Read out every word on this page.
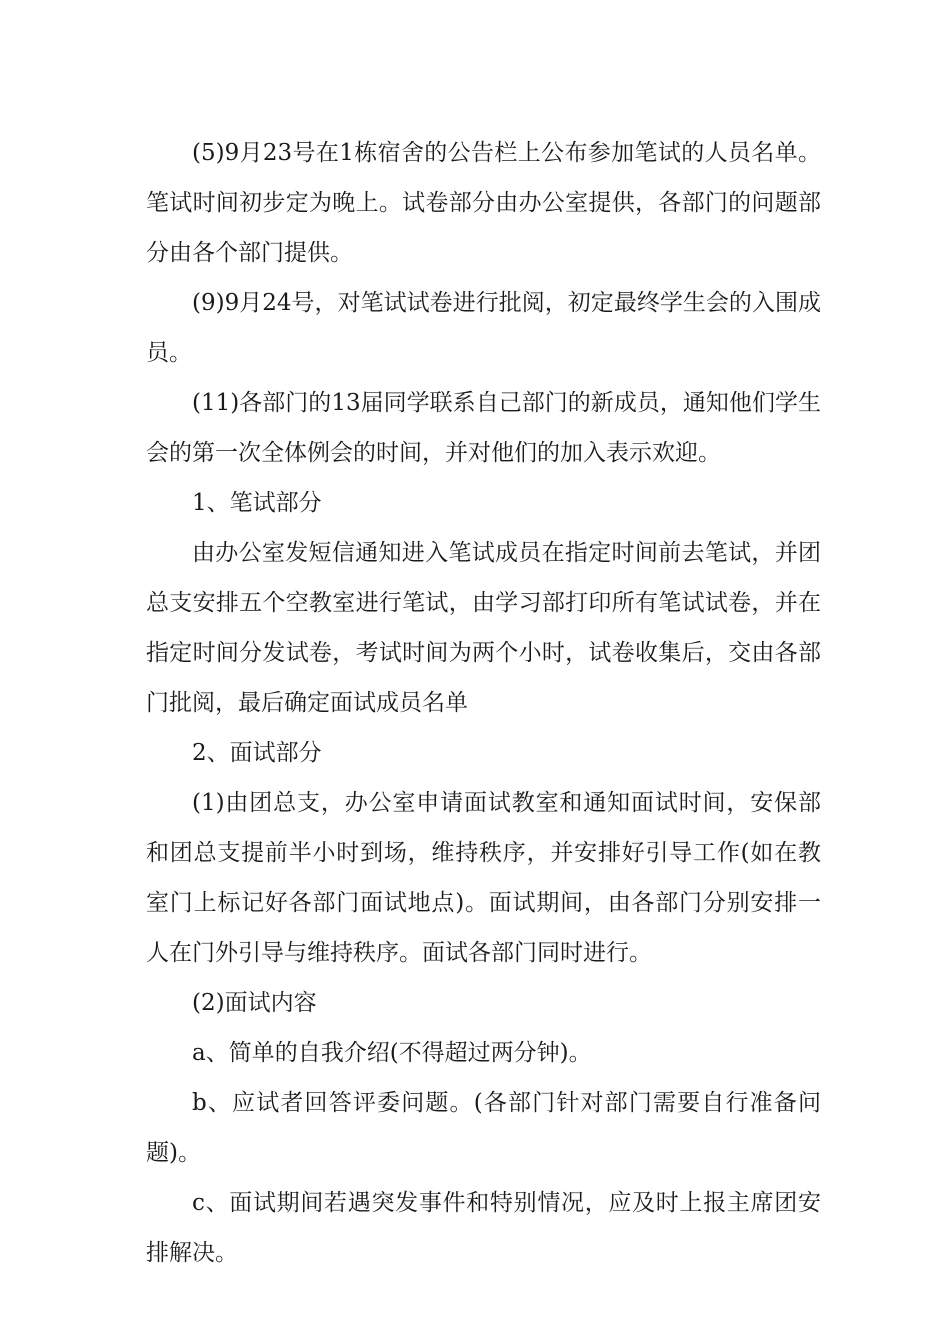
(5)9月23号在1栋宿舍的公告栏上公布参加笔试的人员名单。笔试时间初步定为晚上。试卷部分由办公室提供，各部门的问题部分由各个部门提供。

(9)9月24号，对笔试试卷进行批阅，初定最终学生会的入围成员。

(11)各部门的13届同学联系自己部门的新成员，通知他们学生会的第一次全体例会的时间，并对他们的加入表示欢迎。

1、笔试部分

由办公室发短信通知进入笔试成员在指定时间前去笔试，并团总支安排五个空教室进行笔试，由学习部打印所有笔试试卷，并在指定时间分发试卷，考试时间为两个小时，试卷收集后，交由各部门批阅，最后确定面试成员名单

2、面试部分

(1)由团总支，办公室申请面试教室和通知面试时间，安保部和团总支提前半小时到场，维持秩序，并安排好引导工作(如在教室门上标记好各部门面试地点)。面试期间，由各部门分别安排一人在门外引导与维持秩序。面试各部门同时进行。

(2)面试内容

a、简单的自我介绍(不得超过两分钟)。

b、应试者回答评委问题。(各部门针对部门需要自行准备问题)。

c、面试期间若遇突发事件和特别情况，应及时上报主席团安排解决。
